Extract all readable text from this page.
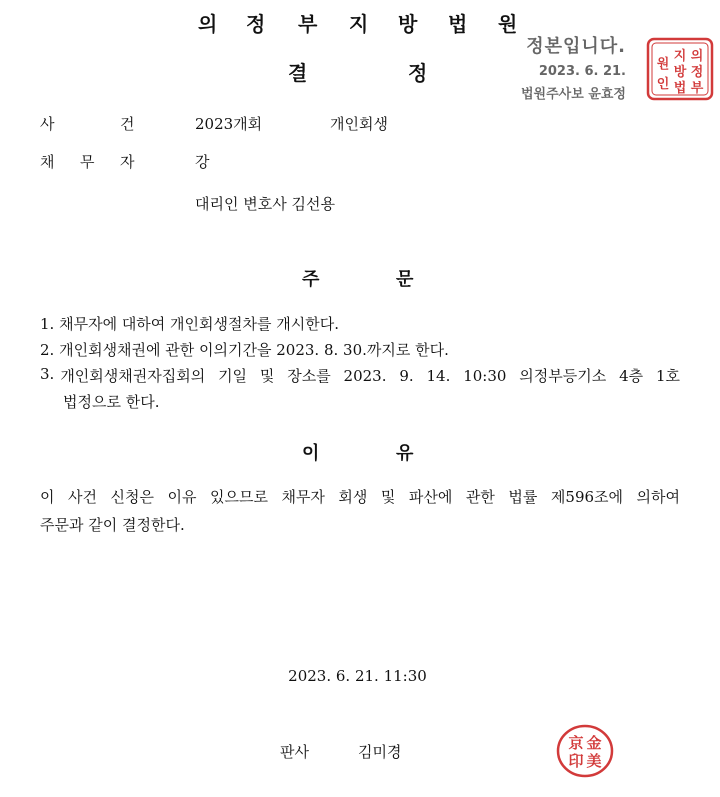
의 정 부 지 방 법 원
결	정
정본입니다.
2023. 6. 21.
법원주사보 윤효정
의
정
부
지
방
법
원
인
사	건	2023개회	개인회생
채 무 자	강
대리인 변호사 김선용
주	문
1. 채무자에 대하여 개인회생절차를 개시한다.
2. 개인회생채권에 관한 이의기간을 2023. 8. 30.까지로 한다.
3. 개인회생채권자집회의 기일 및 장소를 2023. 9. 14. 10:30 의정부등기소 4층 1호
법정으로 한다.
이	유
이 사건 신청은 이유 있으므로 채무자 회생 및 파산에 관한 법률 제596조에 의하여
주문과 같이 결정한다.
2023. 6. 21. 11:30
판사	김미경	金
美
京
印
